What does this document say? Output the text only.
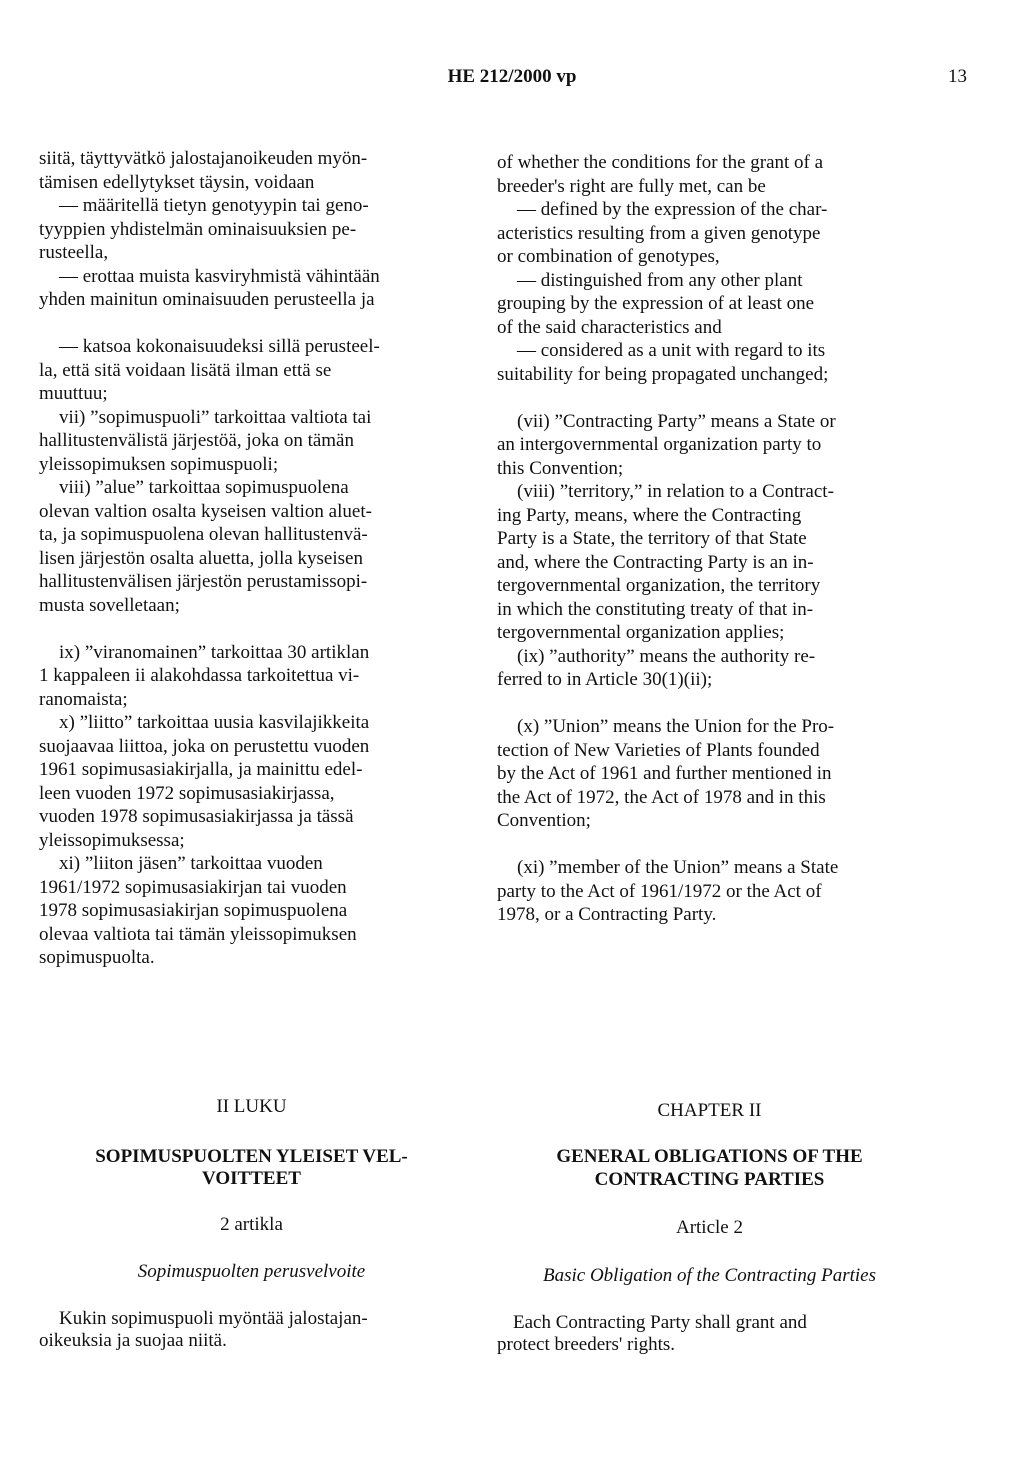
HE 212/2000 vp	13

siitä, täyttyvätkö jalostajanoikeuden myön-

tämisen edellytykset täysin, voidaan

— määritellä tietyn genotyypin tai geno-

tyyppien yhdistelmän ominaisuuksien pe-

rusteella,

— erottaa muista kasviryhmistä vähintään

yhden mainitun ominaisuuden perusteella ja

— katsoa kokonaisuudeksi sillä perusteel-

la, että sitä voidaan lisätä ilman että se

muuttuu;

vii) ”sopimuspuoli” tarkoittaa valtiota tai

hallitustenvälistä järjestöä, joka on tämän

yleissopimuksen sopimuspuoli;

viii) ”alue” tarkoittaa sopimuspuolena

olevan valtion osalta kyseisen valtion aluet-

ta, ja sopimuspuolena olevan hallitustenvä-

lisen järjestön osalta aluetta, jolla kyseisen

hallitustenvälisen järjestön perustamissopi-

musta sovelletaan;

ix) ”viranomainen” tarkoittaa 30 artiklan

1 kappaleen ii alakohdassa tarkoitettua vi-

ranomaista;

x) ”liitto” tarkoittaa uusia kasvilajikkeita

suojaavaa liittoa, joka on perustettu vuoden

1961 sopimusasiakirjalla, ja mainittu edel-

leen vuoden 1972 sopimusasiakirjassa,

vuoden 1978 sopimusasiakirjassa ja tässä

yleissopimuksessa;

xi) ”liiton jäsen” tarkoittaa vuoden

1961/1972 sopimusasiakirjan tai vuoden

1978 sopimusasiakirjan sopimuspuolena

olevaa valtiota tai tämän yleissopimuksen

sopimuspuolta.

of whether the conditions for the grant of a

breeder's right are fully met, can be

— defined by the expression of the char-

acteristics resulting from a given genotype

or combination of genotypes,

— distinguished from any other plant

grouping by the expression of at least one

of the said characteristics and

— considered as a unit with regard to its

suitability for being propagated unchanged;

(vii) ”Contracting Party” means a State or

an intergovernmental organization party to

this Convention;

(viii) ”territory,” in relation to a Contract-

ing Party, means, where the Contracting

Party is a State, the territory of that State

and, where the Contracting Party is an in-

tergovernmental organization, the territory

in which the constituting treaty of that in-

tergovernmental organization applies;

(ix) ”authority” means the authority re-

ferred to in Article 30(1)(ii);

(x) ”Union” means the Union for the Pro-

tection of New Varieties of Plants founded

by the Act of 1961 and further mentioned in

the Act of 1972, the Act of 1978 and in this

Convention;

(xi) ”member of the Union” means a State

party to the Act of 1961/1972 or the Act of

1978, or a Contracting Party.

II LUKU
SOPIMUSPUOLTEN YLEISET VEL-
VOITTEET
2 artikla
Sopimuspuolten perusvelvoite
Kukin sopimuspuoli myöntää jalostajan-
oikeuksia ja suojaa niitä.
CHAPTER II
GENERAL OBLIGATIONS OF THE
CONTRACTING PARTIES
Article 2
Basic Obligation of the Contracting Parties
Each Contracting Party shall grant and
protect breeders' rights.
